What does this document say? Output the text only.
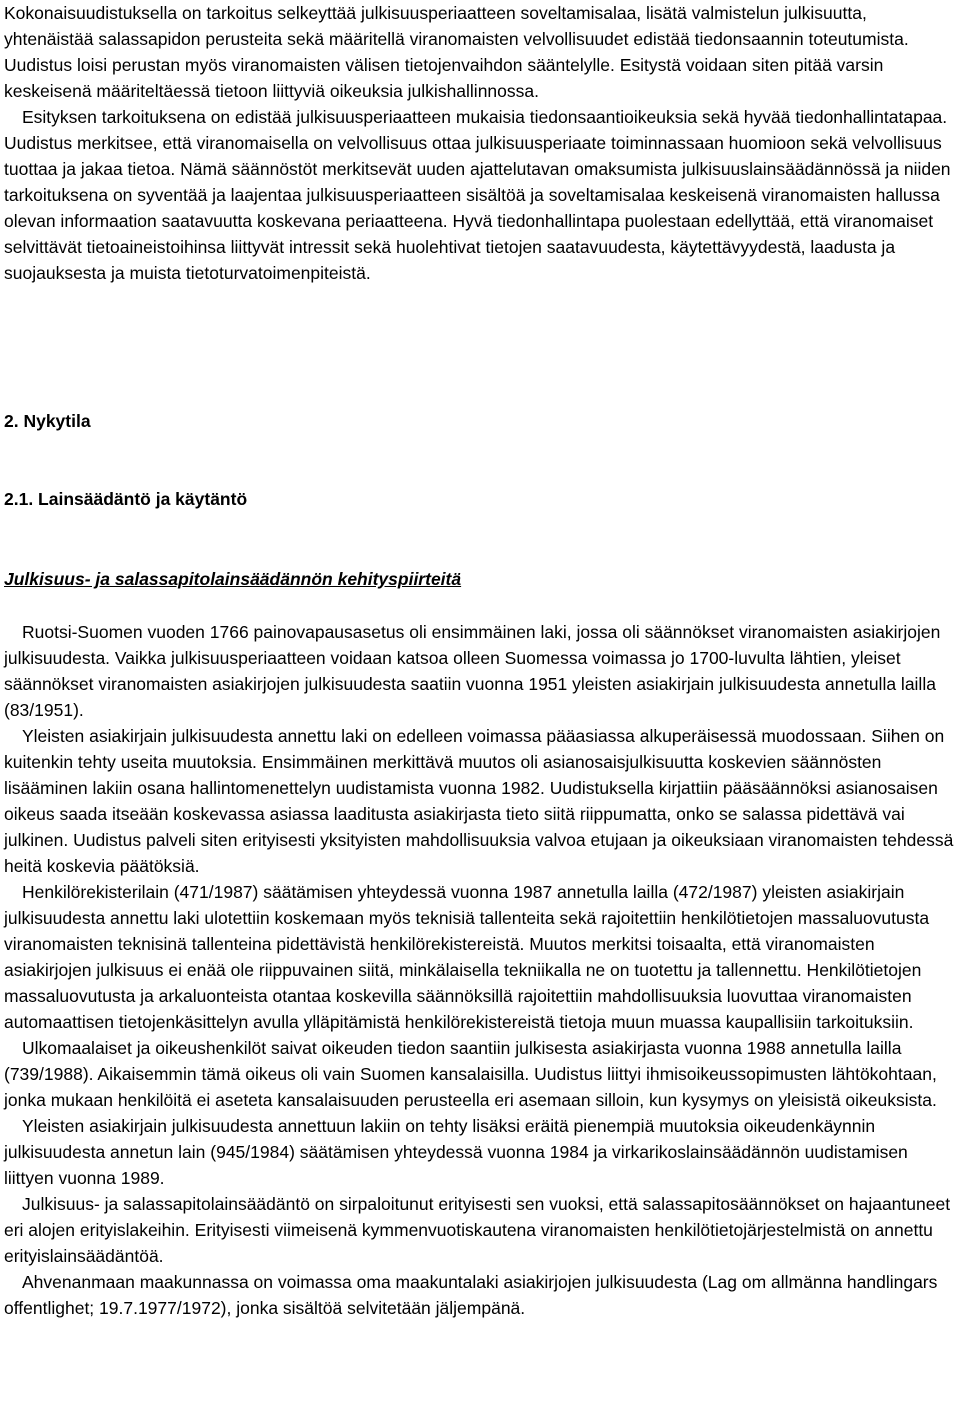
Kokonaisuudistuksella on tarkoitus selkeyttää julkisuusperiaatteen soveltamisalaa, lisätä valmistelun julkisuutta, yhtenäistää salassapidon perusteita sekä määritellä viranomaisten velvollisuudet edistää tiedonsaannin toteutumista. Uudistus loisi perustan myös viranomaisten välisen tietojenvaihdon sääntelylle. Esitystä voidaan siten pitää varsin keskeisenä määriteltäessä tietoon liittyviä oikeuksia julkishallinnossa.

Esityksen tarkoituksena on edistää julkisuusperiaatteen mukaisia tiedonsaantioikeuksia sekä hyvää tiedonhallintatapaa. Uudistus merkitsee, että viranomaisella on velvollisuus ottaa julkisuusperiaate toiminnassaan huomioon sekä velvollisuus tuottaa ja jakaa tietoa. Nämä säännöstöt merkitsevät uuden ajattelutavan omaksumista julkisuuslainsäädännössä ja niiden tarkoituksena on syventää ja laajentaa julkisuusperiaatteen sisältöä ja soveltamisalaa keskeisenä viranomaisten hallussa olevan informaation saatavuutta koskevana periaatteena. Hyvä tiedonhallintapa puolestaan edellyttää, että viranomaiset selvittävät tietoaineistoihinsa liittyvät intressit sekä huolehtivat tietojen saatavuudesta, käytettävyydestä, laadusta ja suojauksesta ja muista tietoturvatoimenpiteistä.

2. Nykytila
2.1. Lainsäädäntö ja käytäntö
Julkisuus- ja salassapitolainsäädännön kehityspiirteitä

Ruotsi-Suomen vuoden 1766 painovapausasetus oli ensimmäinen laki, jossa oli säännökset viranomaisten asiakirjojen julkisuudesta. Vaikka julkisuusperiaatteen voidaan katsoa olleen Suomessa voimassa jo 1700-luvulta lähtien, yleiset säännökset viranomaisten asiakirjojen julkisuudesta saatiin vuonna 1951 yleisten asiakirjain julkisuudesta annetulla lailla (83/1951).

Yleisten asiakirjain julkisuudesta annettu laki on edelleen voimassa pääasiassa alkuperäisessä muodossaan. Siihen on kuitenkin tehty useita muutoksia. Ensimmäinen merkittävä muutos oli asianosaisjulkisuutta koskevien säännösten lisääminen lakiin osana hallintomenettelyn uudistamista vuonna 1982. Uudistuksella kirjattiin pääsäännöksi asianosaisen oikeus saada itseään koskevassa asiassa laaditusta asiakirjasta tieto siitä riippumatta, onko se salassa pidettävä vai julkinen. Uudistus palveli siten erityisesti yksityisten mahdollisuuksia valvoa etujaan ja oikeuksiaan viranomaisten tehdessä heitä koskevia päätöksiä.

Henkilörekisterilain (471/1987) säätämisen yhteydessä vuonna 1987 annetulla lailla (472/1987) yleisten asiakirjain julkisuudesta annettu laki ulotettiin koskemaan myös teknisiä tallenteita sekä rajoitettiin henkilötietojen massaluovutusta viranomaisten teknisinä tallenteina pidettävistä henkilörekistereistä. Muutos merkitsi toisaalta, että viranomaisten asiakirjojen julkisuus ei enää ole riippuvainen siitä, minkälaisella tekniikalla ne on tuotettu ja tallennettu. Henkilötietojen massaluovutusta ja arkaluonteista otantaa koskevilla säännöksillä rajoitettiin mahdollisuuksia luovuttaa viranomaisten automaattisen tietojenkäsittelyn avulla ylläpitämistä henkilörekistereistä tietoja muun muassa kaupallisiin tarkoituksiin.

Ulkomaalaiset ja oikeushenkilöt saivat oikeuden tiedon saantiin julkisesta asiakirjasta vuonna 1988 annetulla lailla (739/1988). Aikaisemmin tämä oikeus oli vain Suomen kansalaisilla. Uudistus liittyi ihmisoikeussopimusten lähtökohtaan, jonka mukaan henkilöitä ei aseteta kansalaisuuden perusteella eri asemaan silloin, kun kysymys on yleisistä oikeuksista.

Yleisten asiakirjain julkisuudesta annettuun lakiin on tehty lisäksi eräitä pienempiä muutoksia oikeudenkäynnin julkisuudesta annetun lain (945/1984) säätämisen yhteydessä vuonna 1984 ja virkarikoslainsäädännön uudistamisen liittyen vuonna 1989.

Julkisuus- ja salassapitolainsäädäntö on sirpaloitunut erityisesti sen vuoksi, että salassapitosäännökset on hajaantuneet eri alojen erityislakeihin. Erityisesti viimeisenä kymmenvuotiskautena viranomaisten henkilötietojärjestelmistä on annettu erityislainsäädäntöä.

Ahvenanmaan maakunnassa on voimassa oma maakuntalaki asiakirjojen julkisuudesta (Lag om allmänna handlingars offentlighet; 19.7.1977/1972), jonka sisältöä selvitetään jäljempänä.
